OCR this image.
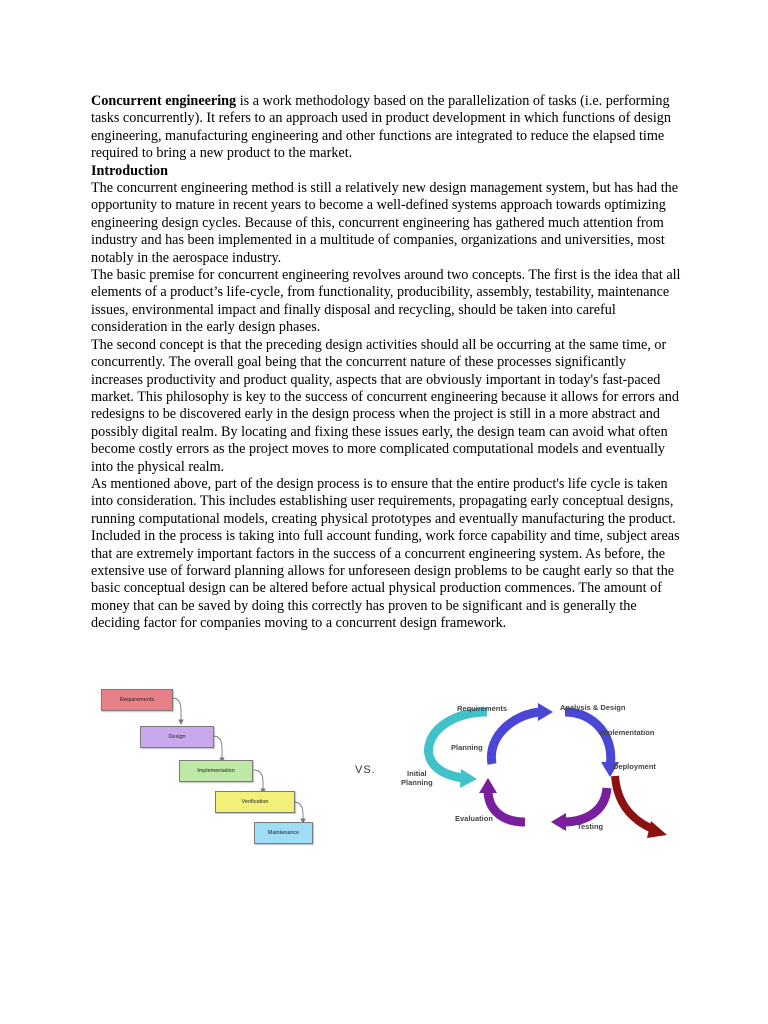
Concurrent engineering is a work methodology based on the parallelization of tasks (i.e. performing tasks concurrently). It refers to an approach used in product development in which functions of design engineering, manufacturing engineering and other functions are integrated to reduce the elapsed time required to bring a new product to the market.

Introduction

The concurrent engineering method is still a relatively new design management system, but has had the opportunity to mature in recent years to become a well-defined systems approach towards optimizing engineering design cycles. Because of this, concurrent engineering has gathered much attention from industry and has been implemented in a multitude of companies, organizations and universities, most notably in the aerospace industry.

The basic premise for concurrent engineering revolves around two concepts. The first is the idea that all elements of a product’s life-cycle, from functionality, producibility, assembly, testability, maintenance issues, environmental impact and finally disposal and recycling, should be taken into careful consideration in the early design phases.

The second concept is that the preceding design activities should all be occurring at the same time, or concurrently. The overall goal being that the concurrent nature of these processes significantly increases productivity and product quality, aspects that are obviously important in today's fast-paced market. This philosophy is key to the success of concurrent engineering because it allows for errors and redesigns to be discovered early in the design process when the project is still in a more abstract and possibly digital realm. By locating and fixing these issues early, the design team can avoid what often become costly errors as the project moves to more complicated computational models and eventually into the physical realm.

As mentioned above, part of the design process is to ensure that the entire product's life cycle is taken into consideration. This includes establishing user requirements, propagating early conceptual designs, running computational models, creating physical prototypes and eventually manufacturing the product. Included in the process is taking into full account funding, work force capability and time, subject areas that are extremely important factors in the success of a concurrent engineering system. As before, the extensive use of forward planning allows for unforeseen design problems to be caught early so that the basic conceptual design can be altered before actual physical production commences. The amount of money that can be saved by doing this correctly has proven to be significant and is generally the deciding factor for companies moving to a concurrent design framework.

Requirements
Design
Implementation
Verification
Maintenance
VS.
Requirements	Analysis & Design
Implementation
Planning
Initial
Planning
Deployment
Evaluation
Testing
